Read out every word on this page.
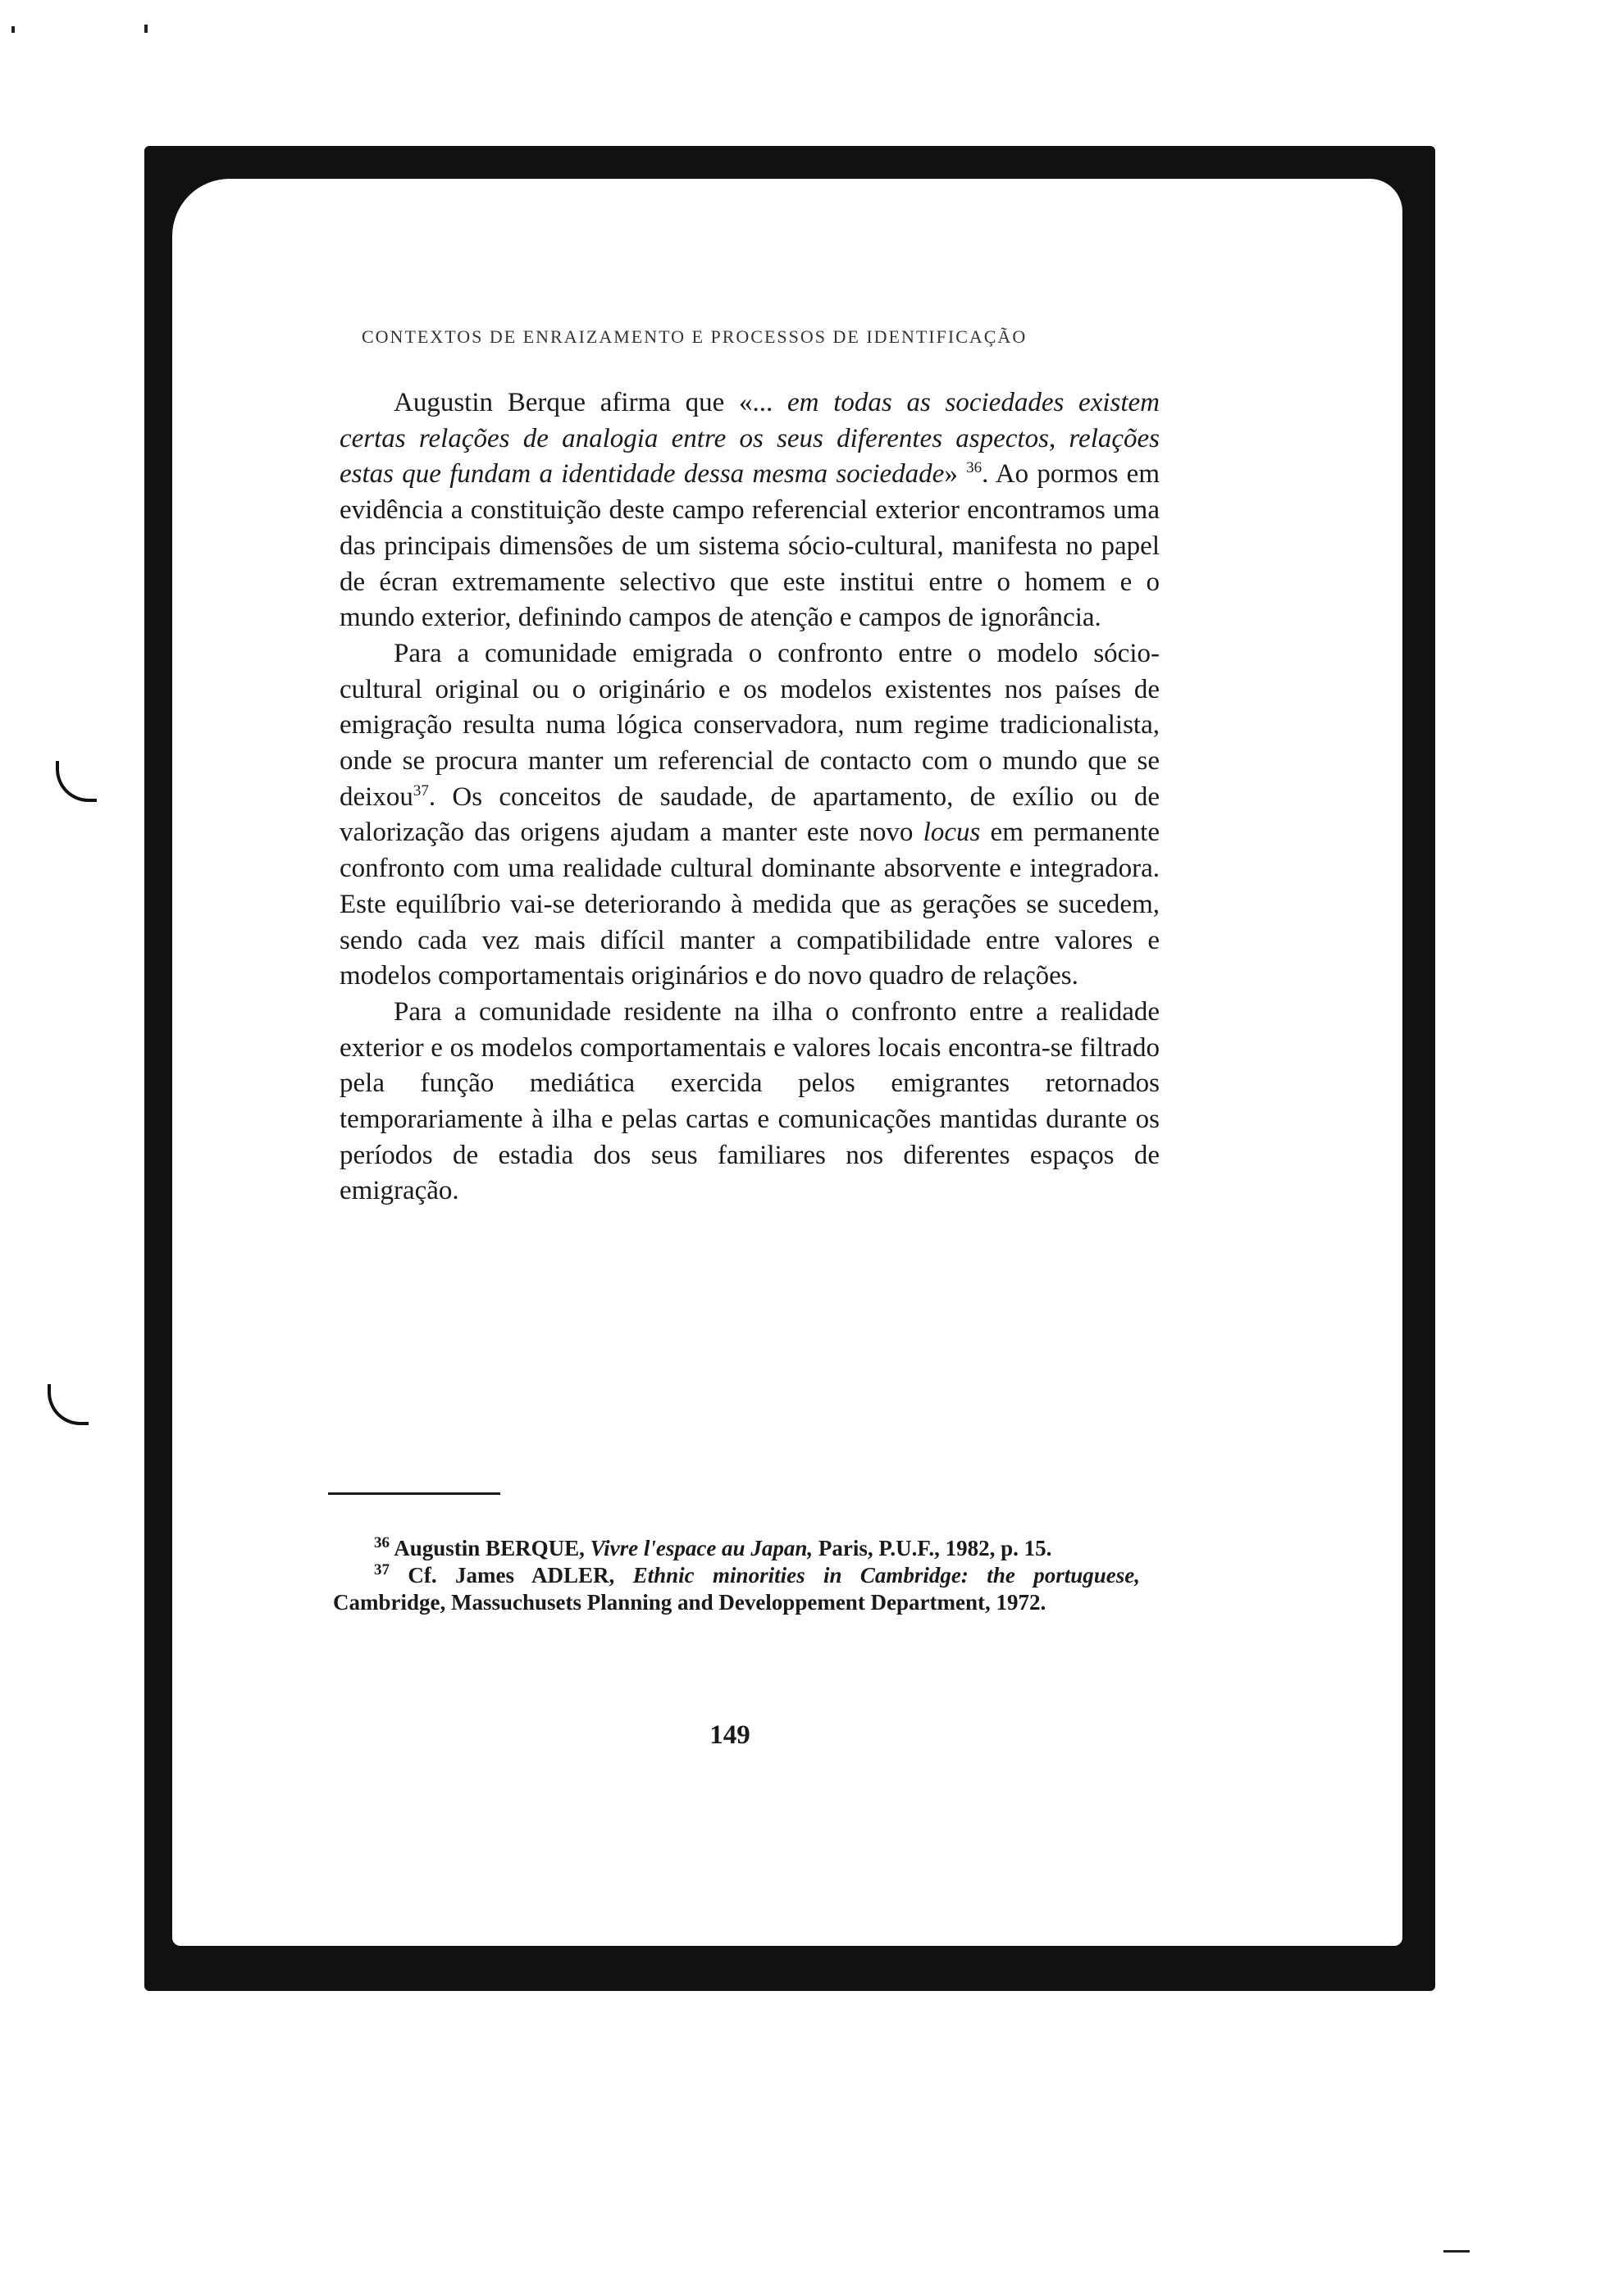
CONTEXTOS DE ENRAIZAMENTO E PROCESSOS DE IDENTIFICAÇÃO

Augustin Berque afirma que «... em todas as sociedades existem certas relações de analogia entre os seus diferentes aspectos, relações estas que fundam a identidade dessa mesma sociedade» $^{36}$. Ao pormos em evidência a constituição deste campo referencial exterior encontramos uma das principais dimensões de um sistema sócio-cultural, manifesta no papel de écran extremamente selectivo que este institui entre o homem e o mundo exterior, definindo campos de atenção e campos de ignorância.

Para a comunidade emigrada o confronto entre o modelo sócio-cultural original ou o originário e os modelos existentes nos países de emigração resulta numa lógica conservadora, num regime tradicionalista, onde se procura manter um referencial de contacto com o mundo que se deixou$^{37}$. Os conceitos de saudade, de apartamento, de exílio ou de valorização das origens ajudam a manter este novo locus em permanente confronto com uma realidade cultural dominante absorvente e integradora. Este equilíbrio vai-se deteriorando à medida que as gerações se sucedem, sendo cada vez mais difícil manter a compatibilidade entre valores e modelos comportamentais originários e do novo quadro de relações.

Para a comunidade residente na ilha o confronto entre a realidade exterior e os modelos comportamentais e valores locais encontra-se filtrado pela função mediática exercida pelos emigrantes retornados temporariamente à ilha e pelas cartas e comunicações mantidas durante os períodos de estadia dos seus familiares nos diferentes espaços de emigração.

$^{36}$ Augustin BERQUE, Vivre l'espace au Japan, Paris, P.U.F., 1982, p. 15.

$^{37}$ Cf. James ADLER, Ethnic minorities in Cambridge: the portuguese, Cambridge, Massuchusets Planning and Developpement Department, 1972.

149
